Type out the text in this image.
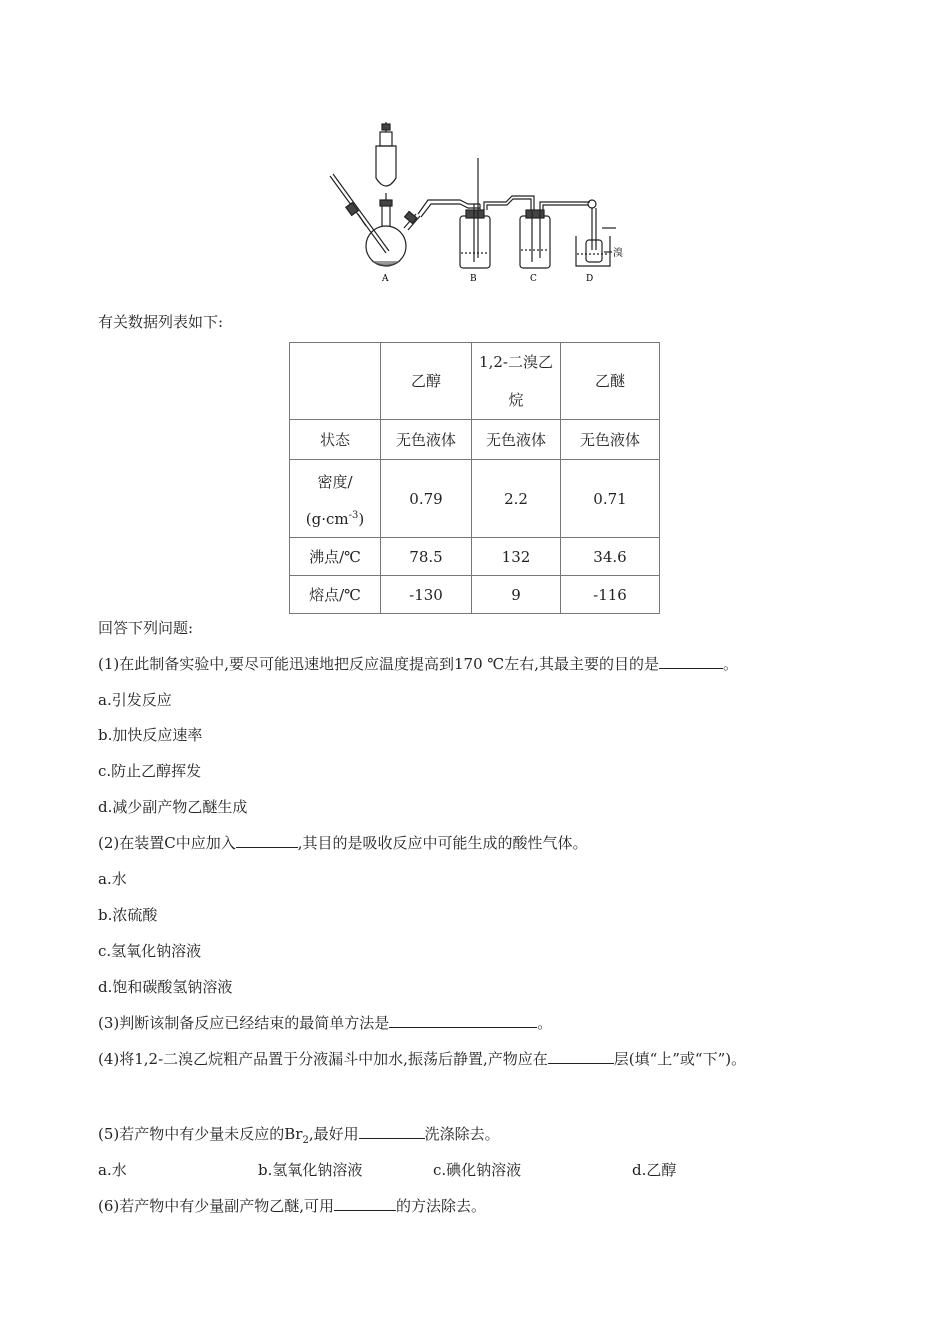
A	B	C	D
溴
有关数据列表如下:
	乙醇	1,2-二溴乙烷	乙醚
状态	无色液体	无色液体	无色液体

密度/
$(g\cdot cm^{-3})$	0.79	2.2	0.71
沸点/℃	78.5	132	34.6
熔点/℃	-130	9	-116
回答下列问题:
(1)在此制备实验中,要尽可能迅速地把反应温度提高到170 ℃左右,其最主要的目的是	。
a.引发反应
b.加快反应速率
c.防止乙醇挥发
d.减少副产物乙醚生成
(2)在装置C中应加入	,其目的是吸收反应中可能生成的酸性气体。
a.水
b.浓硫酸
c.氢氧化钠溶液
d.饱和碳酸氢钠溶液
(3)判断该制备反应已经结束的最简单方法是	。
(4)将1,2-二溴乙烷粗产品置于分液漏斗中加水,振荡后静置,产物应在	层(填“上”或“下”)。
(5)若产物中有少量未反应的$Br_2$,最好用	洗涤除去。
a.水	b.氢氧化钠溶液	c.碘化钠溶液	d.乙醇
(6)若产物中有少量副产物乙醚,可用	的方法除去。
